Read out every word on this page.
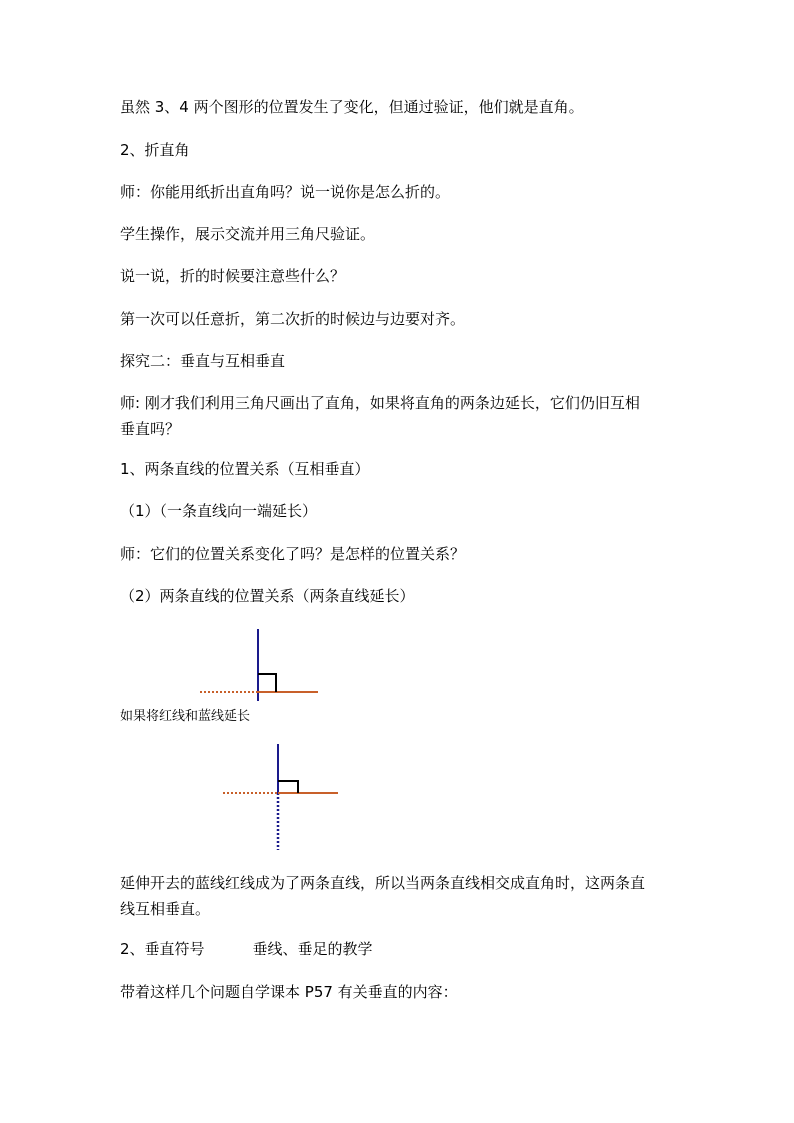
虽然 3、4 两个图形的位置发生了变化，但通过验证，他们就是直角。
2、折直角
师：你能用纸折出直角吗？说一说你是怎么折的。
学生操作，展示交流并用三角尺验证。
说一说，折的时候要注意些什么？
第一次可以任意折，第二次折的时候边与边要对齐。
探究二：垂直与互相垂直
师: 刚才我们利用三角尺画出了直角，如果将直角的两条边延长，它们仍旧互相
垂直吗？
1、两条直线的位置关系（互相垂直）
（1）（一条直线向一端延长）
师：它们的位置关系变化了吗？是怎样的位置关系？
（2）两条直线的位置关系（两条直线延长）
如果将红线和蓝线延长
延伸开去的蓝线红线成为了两条直线，所以当两条直线相交成直角时，这两条直
线互相垂直。
2、垂直符号	垂线、垂足的教学
带着这样几个问题自学课本 P57 有关垂直的内容：
